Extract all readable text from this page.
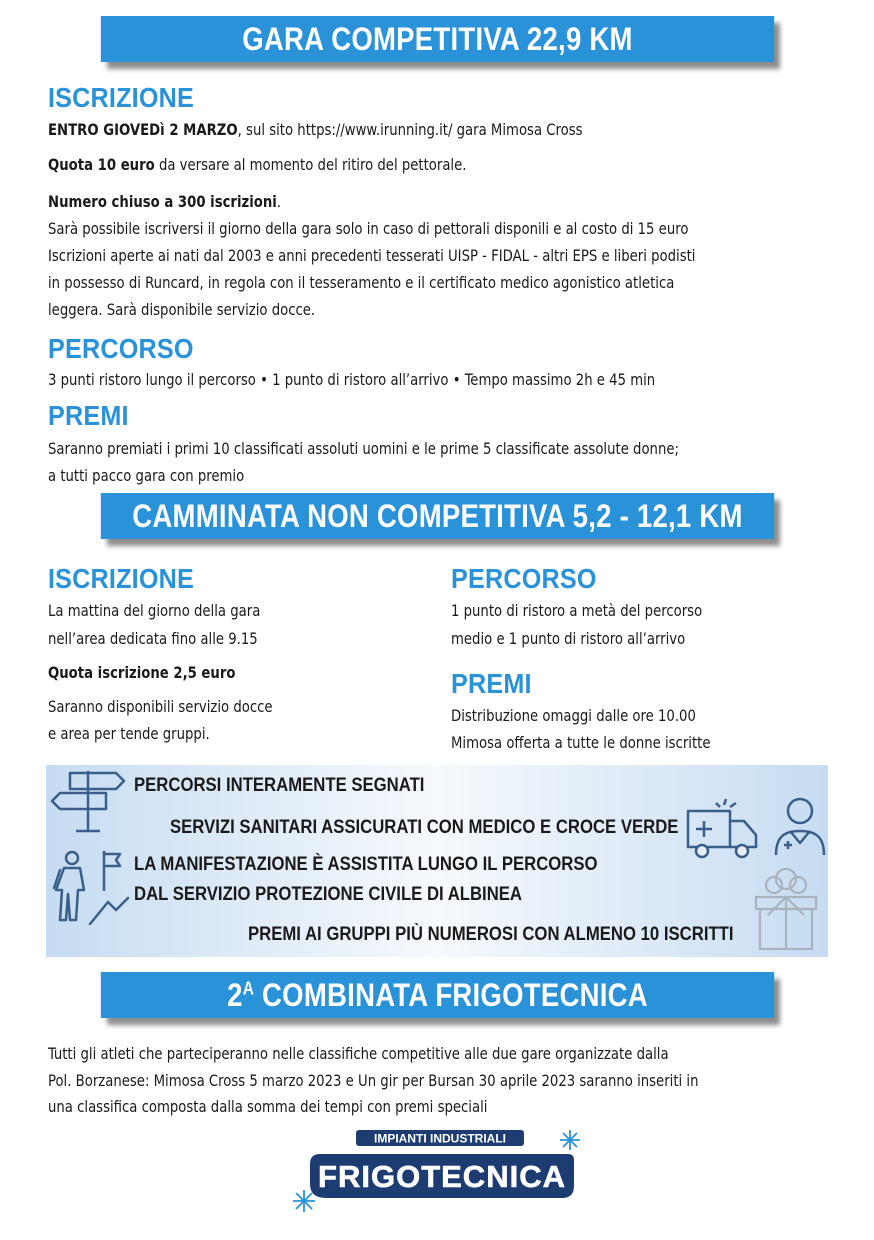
GARA COMPETITIVA 22,9 KM
ISCRIZIONE
ENTRO GIOVEDì 2 MARZO, sul sito https://www.irunning.it/ gara Mimosa Cross
Quota 10 euro da versare al momento del ritiro del pettorale.
Numero chiuso a 300 iscrizioni.
Sarà possibile iscriversi il giorno della gara solo in caso di pettorali disponili e al costo di 15 euro
Iscrizioni aperte ai nati dal 2003 e anni precedenti tesserati UISP - FIDAL - altri EPS e liberi podisti
in possesso di Runcard, in regola con il tesseramento e il certificato medico agonistico atletica
leggera. Sarà disponibile servizio docce.
PERCORSO
3 punti ristoro lungo il percorso • 1 punto di ristoro all’arrivo • Tempo massimo 2h e 45 min
PREMI
Saranno premiati i primi 10 classificati assoluti uomini e le prime 5 classificate assolute donne;
a tutti pacco gara con premio
CAMMINATA NON COMPETITIVA 5,2 - 12,1 KM
ISCRIZIONE
La mattina del giorno della gara
nell’area dedicata fino alle 9.15
Quota iscrizione 2,5 euro
Saranno disponibili servizio docce
e area per tende gruppi.
PERCORSO
1 punto di ristoro a metà del percorso
medio e 1 punto di ristoro all’arrivo
PREMI
Distribuzione omaggi dalle ore 10.00
Mimosa offerta a tutte le donne iscritte
PERCORSI INTERAMENTE SEGNATI
SERVIZI SANITARI ASSICURATI CON MEDICO E CROCE VERDE
LA MANIFESTAZIONE È ASSISTITA LUNGO IL PERCORSO
DAL SERVIZIO PROTEZIONE CIVILE DI ALBINEA
PREMI AI GRUPPI PIÙ NUMEROSI CON ALMENO 10 ISCRITTI
$2^A$ COMBINATA FRIGOTECNICA
Tutti gli atleti che parteciperanno nelle classifiche competitive alle due gare organizzate dalla
Pol. Borzanese: Mimosa Cross 5 marzo 2023 e Un gir per Bursan 30 aprile 2023 saranno inseriti in
una classifica composta dalla somma dei tempi con premi speciali
IMPIANTI INDUSTRIALI
FRIGOTECNICA
